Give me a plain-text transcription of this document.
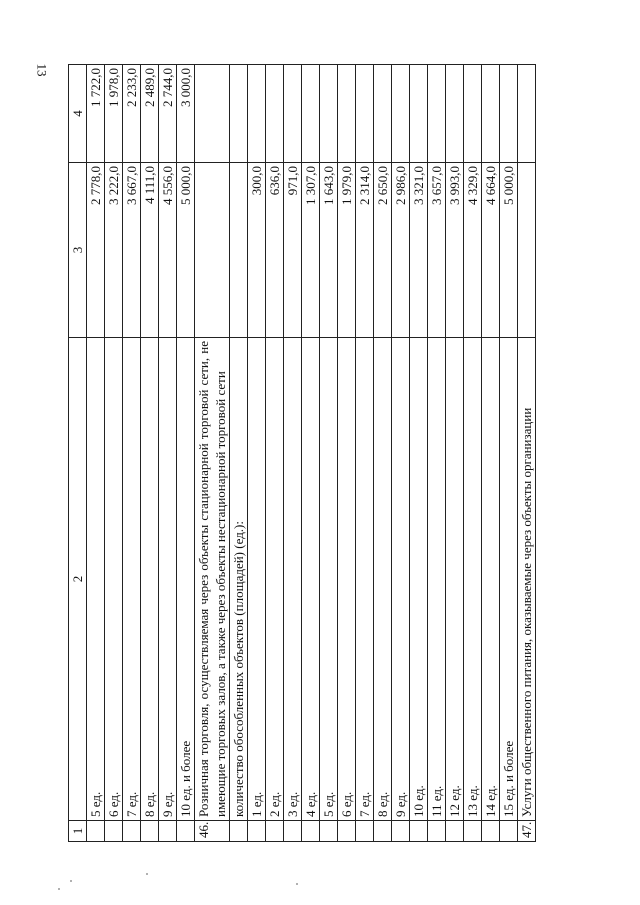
13
1	2	3	4
	5 ед.	2 778,0	1 722,0
	6 ед.	3 222,0	1 978,0
	7 ед.	3 667,0	2 233,0
	8 ед.	4 111,0	2 489,0
	9 ед.	4 556,0	2 744,0
	10 ед. и более	5 000,0	3 000,0
46.	Розничная торговля, осуществляемая через объекты стационарной торговой сети, не имеющие торговых залов, а также через объекты нестационарной торговой сети		
	количество обособленных объектов (площадей) (ед.):		
	1 ед.	300,0	
	2 ед.	636,0	
	3 ед.	971,0	
	4 ед.	1 307,0	
	5 ед.	1 643,0	
	6 ед.	1 979,0	
	7 ед.	2 314,0	
	8 ед.	2 650,0	
	9 ед.	2 986,0	
	10 ед.	3 321,0	
	11 ед.	3 657,0	
	12 ед.	3 993,0	
	13 ед.	4 329,0	
	14 ед.	4 664,0	
	15 ед. и более	5 000,0	
47.	Услуги общественного питания, оказываемые через объекты организации		
